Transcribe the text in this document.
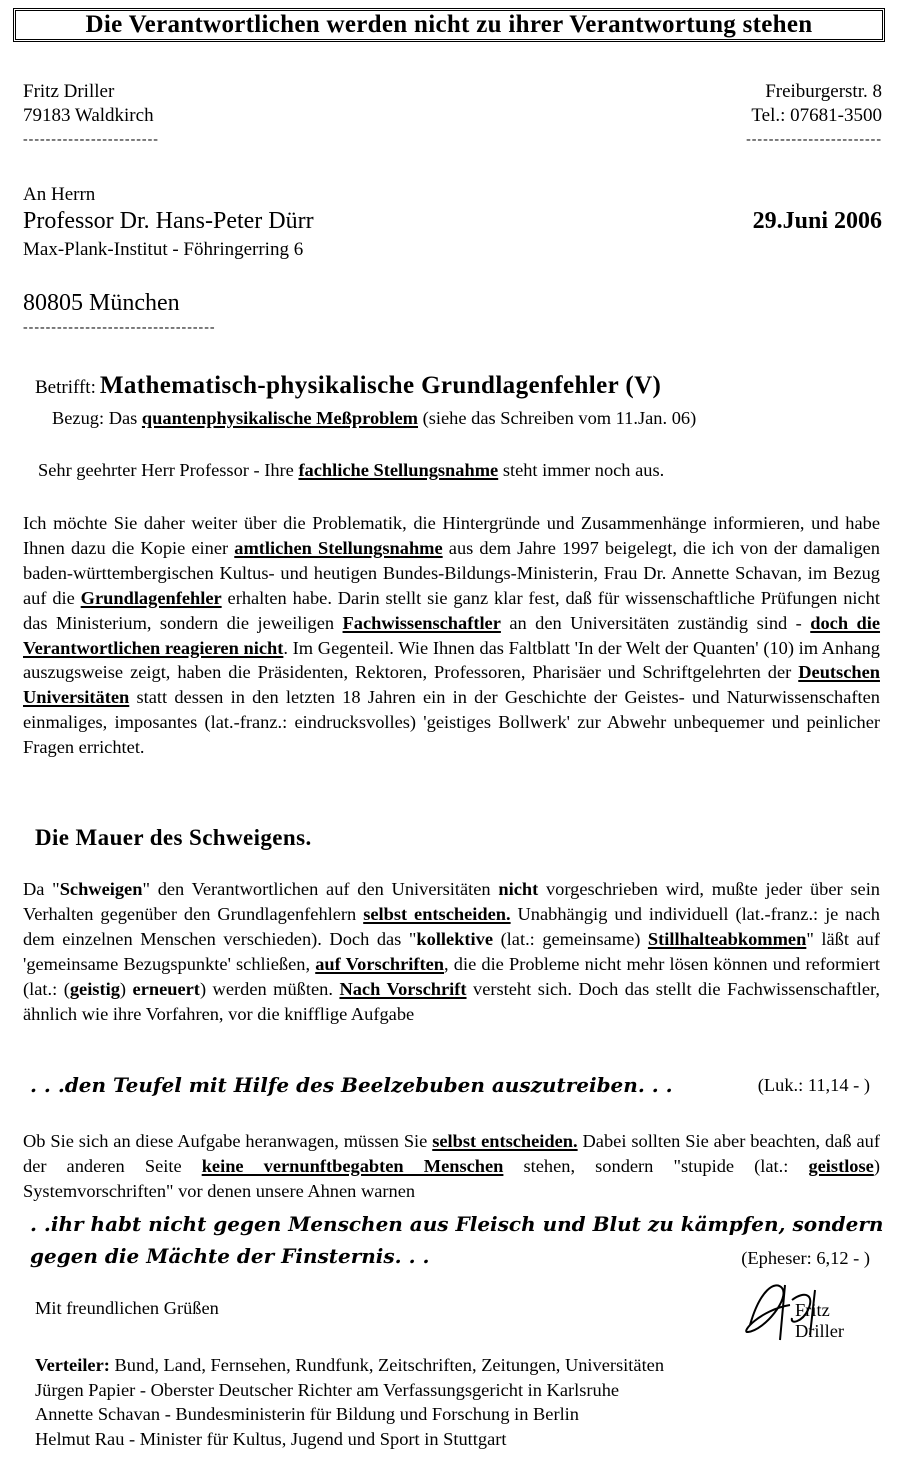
Die Verantwortlichen werden nicht zu ihrer Verantwortung stehen
Fritz Driller
79183 Waldkirch
------------------------
Freiburgerstr. 8
Tel.: 07681-3500
------------------------
An Herrn
Professor Dr. Hans-Peter Dürr
Max-Plank-Institut - Föhringerring 6
80805 München
----------------------------------
29.Juni 2006
Betrifft: Mathematisch-physikalische Grundlagenfehler (V)
Bezug: Das quantenphysikalische Meßproblem (siehe das Schreiben vom 11.Jan. 06)
Sehr geehrter Herr Professor - Ihre fachliche Stellungsnahme steht immer noch aus.

Ich möchte Sie daher weiter über die Problematik, die Hintergründe und Zusammenhänge informieren, und habe Ihnen dazu die Kopie einer amtlichen Stellungsnahme aus dem Jahre 1997 beigelegt, die ich von der damaligen baden-württembergischen Kultus- und heutigen Bundes-Bildungs-Ministerin, Frau Dr. Annette Schavan, im Bezug auf die Grundlagenfehler erhalten habe. Darin stellt sie ganz klar fest, daß für wissenschaftliche Prüfungen nicht das Ministerium, sondern die jeweiligen Fachwissenschaftler an den Universitäten zuständig sind - doch die Verantwortlichen reagieren nicht. Im Gegenteil. Wie Ihnen das Faltblatt 'In der Welt der Quanten' (10) im Anhang auszugsweise zeigt, haben die Präsidenten, Rektoren, Professoren, Pharisäer und Schriftgelehrten der Deutschen Universitäten statt dessen in den letzten 18 Jahren ein in der Geschichte der Geistes- und Naturwissenschaften einmaliges, imposantes (lat.-franz.: eindrucksvolles) 'geistiges Bollwerk' zur Abwehr unbequemer und peinlicher Fragen errichtet.

Die Mauer des Schweigens.

Da "Schweigen" den Verantwortlichen auf den Universitäten nicht vorgeschrieben wird, mußte jeder über sein Verhalten gegenüber den Grundlagenfehlern selbst entscheiden. Unabhängig und individuell (lat.-franz.: je nach dem einzelnen Menschen verschieden). Doch das "kollektive (lat.: gemeinsame) Stillhalteabkommen" läßt auf 'gemeinsame Bezugspunkte' schließen, auf Vorschriften, die die Probleme nicht mehr lösen können und reformiert (lat.: (geistig) erneuert) werden müßten. Nach Vorschrift versteht sich. Doch das stellt die Fachwissenschaftler, ähnlich wie ihre Vorfahren, vor die knifflige Aufgabe

. . .den Teufel mit Hilfe des Beelzebuben auszutreiben. . .	(Luk.: 11,14 - )

Ob Sie sich an diese Aufgabe heranwagen, müssen Sie selbst entscheiden. Dabei sollten Sie aber beachten, daß auf der anderen Seite keine vernunftbegabten Menschen stehen, sondern "stupide (lat.: geistlose) Systemvorschriften" vor denen unsere Ahnen warnen

. .ihr habt nicht gegen Menschen aus Fleisch und Blut zu kämpfen, sondern
gegen die Mächte der Finsternis. . .	(Epheser: 6,12 - )
Mit freundlichen Grüßen	Fritz Driller
Verteiler: Bund, Land, Fernsehen, Rundfunk, Zeitschriften, Zeitungen, Universitäten
Jürgen Papier - Oberster Deutscher Richter am Verfassungsgericht in Karlsruhe
Annette Schavan - Bundesministerin für Bildung und Forschung in Berlin
Helmut Rau - Minister für Kultus, Jugend und Sport in Stuttgart
